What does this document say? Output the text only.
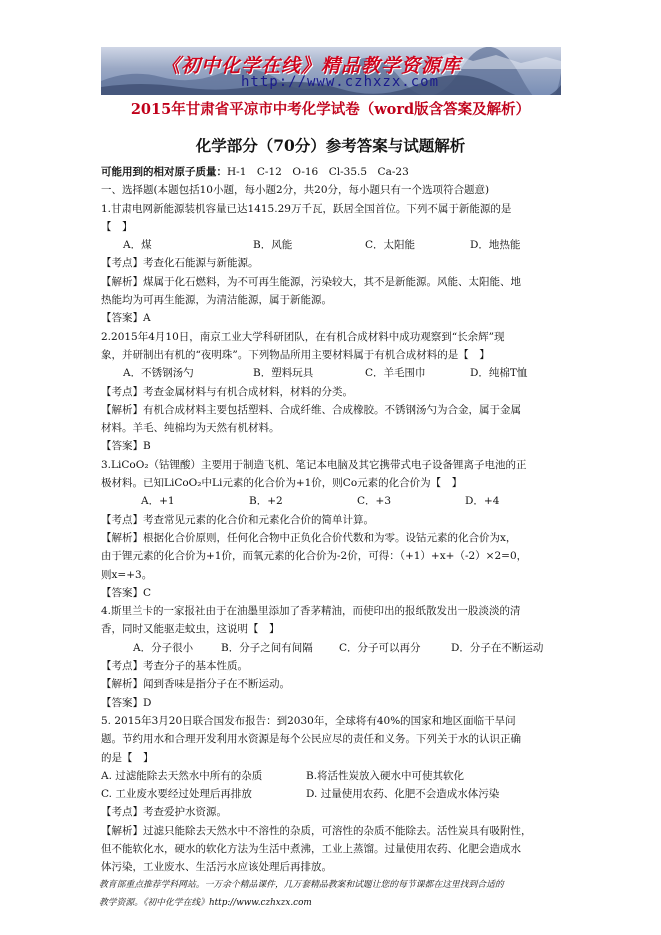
《初中化学在线》精品教学资源库
http://www.czhxzx.com
2015年甘肃省平凉市中考化学试卷（word版含答案及解析）
化学部分（70分）参考答案与试题解析

可能用到的相对原子质量：H-1　C-12　O-16　Cl-35.5　Ca-23

一、选择题(本题包括10小题，每小题2分，共20分，每小题只有一个选项符合题意)

1.甘肃电网新能源装机容量已达1415.29万千瓦，跃居全国首位。下列不属于新能源的是

【　】

A．煤	B．风能	C．太阳能	D．地热能

【考点】考查化石能源与新能源。

【解析】煤属于化石燃料，为不可再生能源，污染较大，其不是新能源。风能、太阳能、地

热能均为可再生能源，为清洁能源，属于新能源。

【答案】A

2.2015年4月10日，南京工业大学科研团队，在有机合成材料中成功观察到“长余辉”现

象，并研制出有机的“夜明珠”。下列物品所用主要材料属于有机合成材料的是【　】

A．不锈钢汤勺	B．塑料玩具	C．羊毛围巾	D．纯棉T恤

【考点】考查金属材料与有机合成材料，材料的分类。

【解析】有机合成材料主要包括塑料、合成纤维、合成橡胶。不锈钢汤勺为合金，属于金属

材料。羊毛、纯棉均为天然有机材料。

【答案】B

3.LiCoO₂（钴锂酸）主要用于制造飞机、笔记本电脑及其它携带式电子设备锂离子电池的正

极材料。已知LiCoO₂中Li元素的化合价为+1价，则Co元素的化合价为【　】

A．+1	B．+2	C．+3	D．+4

【考点】考查常见元素的化合价和元素化合价的简单计算。

【解析】根据化合价原则，任何化合物中正负化合价代数和为零。设钴元素的化合价为x，

由于锂元素的化合价为+1价，而氧元素的化合价为-2价，可得：（+1）+x+（-2）×2=0，

则x=+3。

【答案】C

4.斯里兰卡的一家报社由于在油墨里添加了香茅精油，而使印出的报纸散发出一股淡淡的清

香，同时又能驱走蚊虫，这说明【　】

A．分子很小	B．分子之间有间隔	C．分子可以再分	D．分子在不断运动

【考点】考查分子的基本性质。

【解析】闻到香味是指分子在不断运动。

【答案】D

5. 2015年3月20日联合国发布报告：到2030年，全球将有40%的国家和地区面临干旱问

题。节约用水和合理开发利用水资源是每个公民应尽的责任和义务。下列关于水的认识正确

的是【　】

A. 过滤能除去天然水中所有的杂质	B.将活性炭放入硬水中可使其软化

C. 工业废水要经过处理后再排放	D. 过量使用农药、化肥不会造成水体污染

【考点】考查爱护水资源。

【解析】过滤只能除去天然水中不溶性的杂质，可溶性的杂质不能除去。活性炭具有吸附性，

但不能软化水，硬水的软化方法为生活中煮沸，工业上蒸馏。过量使用农药、化肥会造成水

体污染，工业废水、生活污水应该处理后再排放。

教育部重点推荐学科网站。一万余个精品课件，几万套精品教案和试题让您的每节课都在这里找到合适的

教学资源。《初中化学在线》http://www.czhxzx.com
